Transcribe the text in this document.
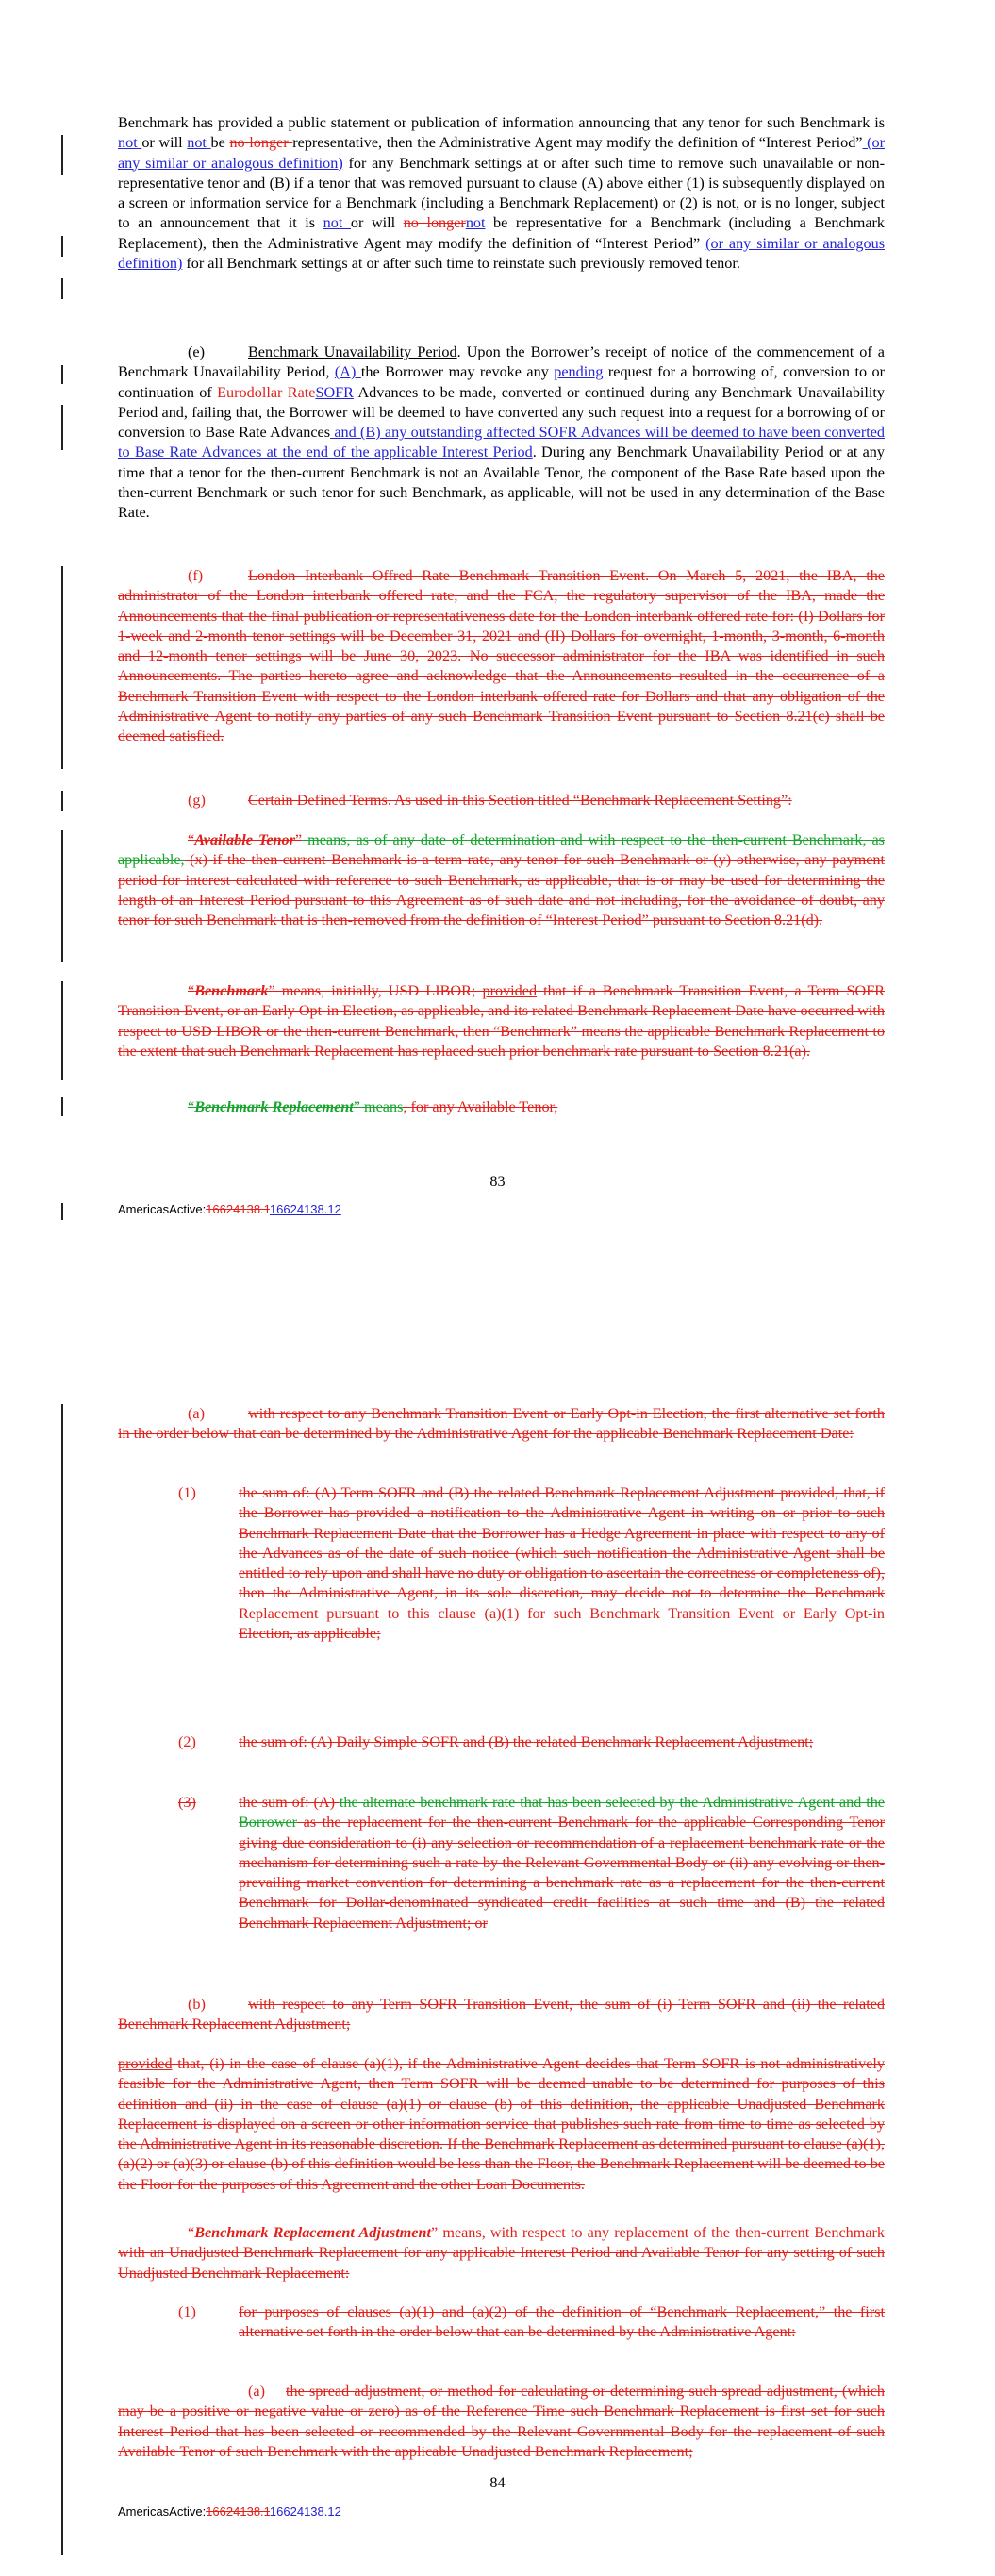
Benchmark has provided a public statement or publication of information announcing that any tenor for such Benchmark is not or will not be no longer representative, then the Administrative Agent may modify the definition of “Interest Period” (or any similar or analogous definition) for any Benchmark settings at or after such time to remove such unavailable or non-representative tenor and (B) if a tenor that was removed pursuant to clause (A) above either (1) is subsequently displayed on a screen or information service for a Benchmark (including a Benchmark Replacement) or (2) is not, or is no longer, subject to an announcement that it is not or will no longernot be representative for a Benchmark (including a Benchmark Replacement), then the Administrative Agent may modify the definition of “Interest Period” (or any similar or analogous definition) for all Benchmark settings at or after such time to reinstate such previously removed tenor.

(e)	Benchmark Unavailability Period. Upon the Borrower’s receipt of notice of the commencement of a Benchmark Unavailability Period, (A) the Borrower may revoke any pending request for a borrowing of, conversion to or continuation of Eurodollar RateSOFR Advances to be made, converted or continued during any Benchmark Unavailability Period and, failing that, the Borrower will be deemed to have converted any such request into a request for a borrowing of or conversion to Base Rate Advances and (B) any outstanding affected SOFR Advances will be deemed to have been converted to Base Rate Advances at the end of the applicable Interest Period. During any Benchmark Unavailability Period or at any time that a tenor for the then-current Benchmark is not an Available Tenor, the component of the Base Rate based upon the then-current Benchmark or such tenor for such Benchmark, as applicable, will not be used in any determination of the Base Rate.

(f)	London Interbank Offred Rate Benchmark Transition Event. On March 5, 2021, the IBA, the administrator of the London interbank offered rate, and the FCA, the regulatory supervisor of the IBA, made the Announcements that the final publication or representativeness date for the London interbank offered rate for: (I) Dollars for 1-week and 2-month tenor settings will be December 31, 2021 and (II) Dollars for overnight, 1-month, 3-month, 6-month and 12-month tenor settings will be June 30, 2023. No successor administrator for the IBA was identified in such Announcements. The parties hereto agree and acknowledge that the Announcements resulted in the occurrence of a Benchmark Transition Event with respect to the London interbank offered rate for Dollars and that any obligation of the Administrative Agent to notify any parties of any such Benchmark Transition Event pursuant to Section 8.21(c) shall be deemed satisfied.

(g)	Certain Defined Terms. As used in this Section titled “Benchmark Replacement Setting”:

“Available Tenor” means, as of any date of determination and with respect to the then-current Benchmark, as applicable, (x) if the then-current Benchmark is a term rate, any tenor for such Benchmark or (y) otherwise, any payment period for interest calculated with reference to such Benchmark, as applicable, that is or may be used for determining the length of an Interest Period pursuant to this Agreement as of such date and not including, for the avoidance of doubt, any tenor for such Benchmark that is then-removed from the definition of “Interest Period” pursuant to Section 8.21(d).

“Benchmark” means, initially, USD LIBOR; provided that if a Benchmark Transition Event, a Term SOFR Transition Event, or an Early Opt-in Election, as applicable, and its related Benchmark Replacement Date have occurred with respect to USD LIBOR or the then-current Benchmark, then “Benchmark” means the applicable Benchmark Replacement to the extent that such Benchmark Replacement has replaced such prior benchmark rate pursuant to Section 8.21(a).

“Benchmark Replacement” means, for any Available Tenor,

83
AmericasActive:16624138.116624138.12

(a)	with respect to any Benchmark Transition Event or Early Opt-in Election, the first alternative set forth in the order below that can be determined by the Administrative Agent for the applicable Benchmark Replacement Date:

(1)	the sum of: (A) Term SOFR and (B) the related Benchmark Replacement Adjustment provided, that, if the Borrower has provided a notification to the Administrative Agent in writing on or prior to such Benchmark Replacement Date that the Borrower has a Hedge Agreement in place with respect to any of the Advances as of the date of such notice (which such notification the Administrative Agent shall be entitled to rely upon and shall have no duty or obligation to ascertain the correctness or completeness of), then the Administrative Agent, in its sole discretion, may decide not to determine the Benchmark Replacement pursuant to this clause (a)(1) for such Benchmark Transition Event or Early Opt-in Election, as applicable;

(2)	the sum of: (A) Daily Simple SOFR and (B) the related Benchmark Replacement Adjustment;

(3)	the sum of: (A) the alternate benchmark rate that has been selected by the Administrative Agent and the Borrower as the replacement for the then-current Benchmark for the applicable Corresponding Tenor giving due consideration to (i) any selection or recommendation of a replacement benchmark rate or the mechanism for determining such a rate by the Relevant Governmental Body or (ii) any evolving or then-prevailing market convention for determining a benchmark rate as a replacement for the then-current Benchmark for Dollar-denominated syndicated credit facilities at such time and (B) the related Benchmark Replacement Adjustment; or

(b)	with respect to any Term SOFR Transition Event, the sum of (i) Term SOFR and (ii) the related Benchmark Replacement Adjustment;

provided that, (i) in the case of clause (a)(1), if the Administrative Agent decides that Term SOFR is not administratively feasible for the Administrative Agent, then Term SOFR will be deemed unable to be determined for purposes of this definition and (ii) in the case of clause (a)(1) or clause (b) of this definition, the applicable Unadjusted Benchmark Replacement is displayed on a screen or other information service that publishes such rate from time to time as selected by the Administrative Agent in its reasonable discretion. If the Benchmark Replacement as determined pursuant to clause (a)(1), (a)(2) or (a)(3) or clause (b) of this definition would be less than the Floor, the Benchmark Replacement will be deemed to be the Floor for the purposes of this Agreement and the other Loan Documents.

“Benchmark Replacement Adjustment” means, with respect to any replacement of the then-current Benchmark with an Unadjusted Benchmark Replacement for any applicable Interest Period and Available Tenor for any setting of such Unadjusted Benchmark Replacement:

(1)	for purposes of clauses (a)(1) and (a)(2) of the definition of “Benchmark Replacement,” the first alternative set forth in the order below that can be determined by the Administrative Agent:

(a) the spread adjustment, or method for calculating or determining such spread adjustment, (which may be a positive or negative value or zero) as of the Reference Time such Benchmark Replacement is first set for such Interest Period that has been selected or recommended by the Relevant Governmental Body for the replacement of such Available Tenor of such Benchmark with the applicable Unadjusted Benchmark Replacement;

84
AmericasActive:16624138.116624138.12
